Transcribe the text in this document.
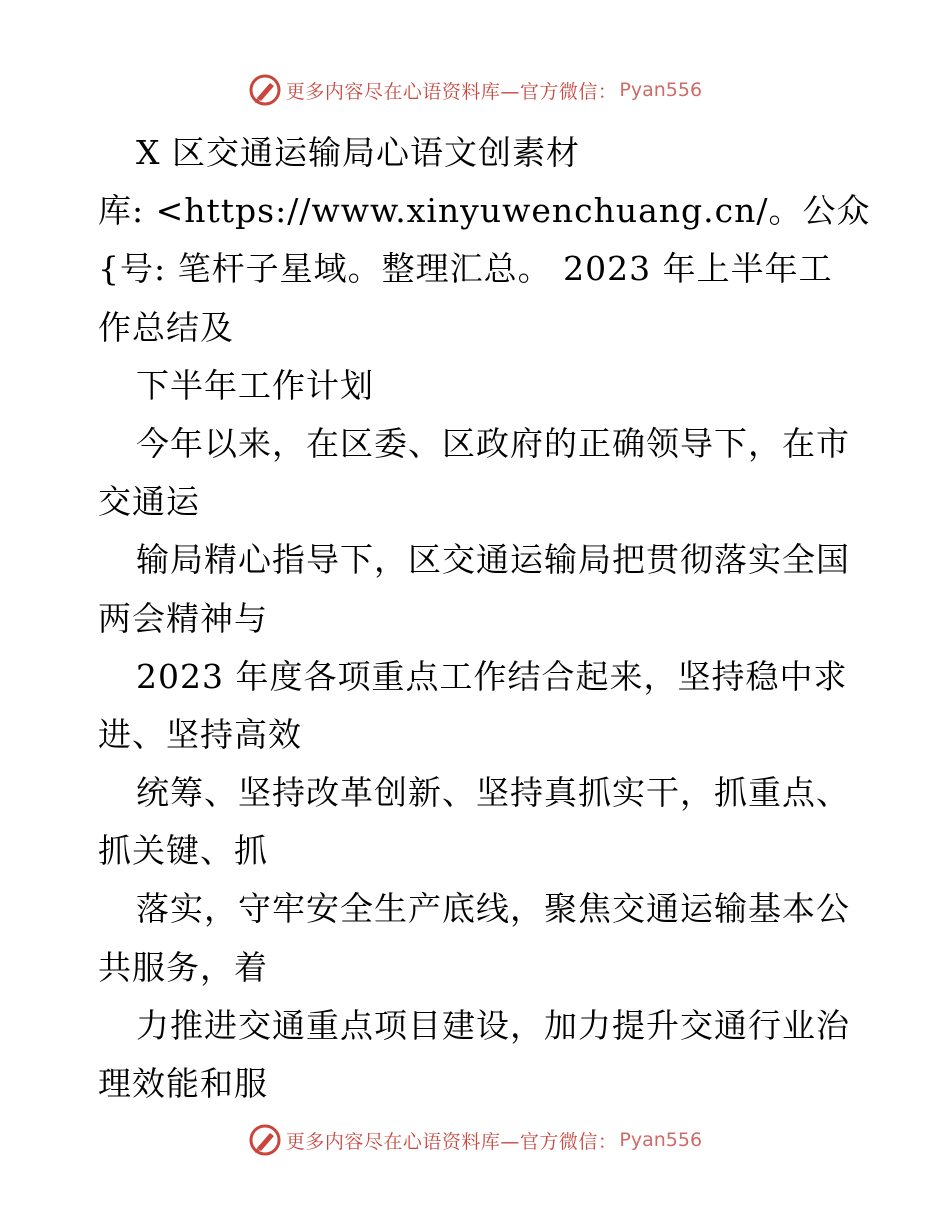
更多内容尽在心语资料库—官方微信： Pyan556
X 区交通运输局心语文创素材
库: <https://www.xinyuwenchuang.cn/。公众
{号: 笔杆子星域。整理汇总。 2023 年上半年工
作总结及
下半年工作计划
今年以来，在区委、区政府的正确领导下，在市
交通运
输局精心指导下，区交通运输局把贯彻落实全国
两会精神与
2023 年度各项重点工作结合起来，坚持稳中求
进、坚持高效
统筹、坚持改革创新、坚持真抓实干，抓重点、
抓关键、抓
落实，守牢安全生产底线，聚焦交通运输基本公
共服务，着
力推进交通重点项目建设，加力提升交通行业治
理效能和服
更多内容尽在心语资料库—官方微信： Pyan556
